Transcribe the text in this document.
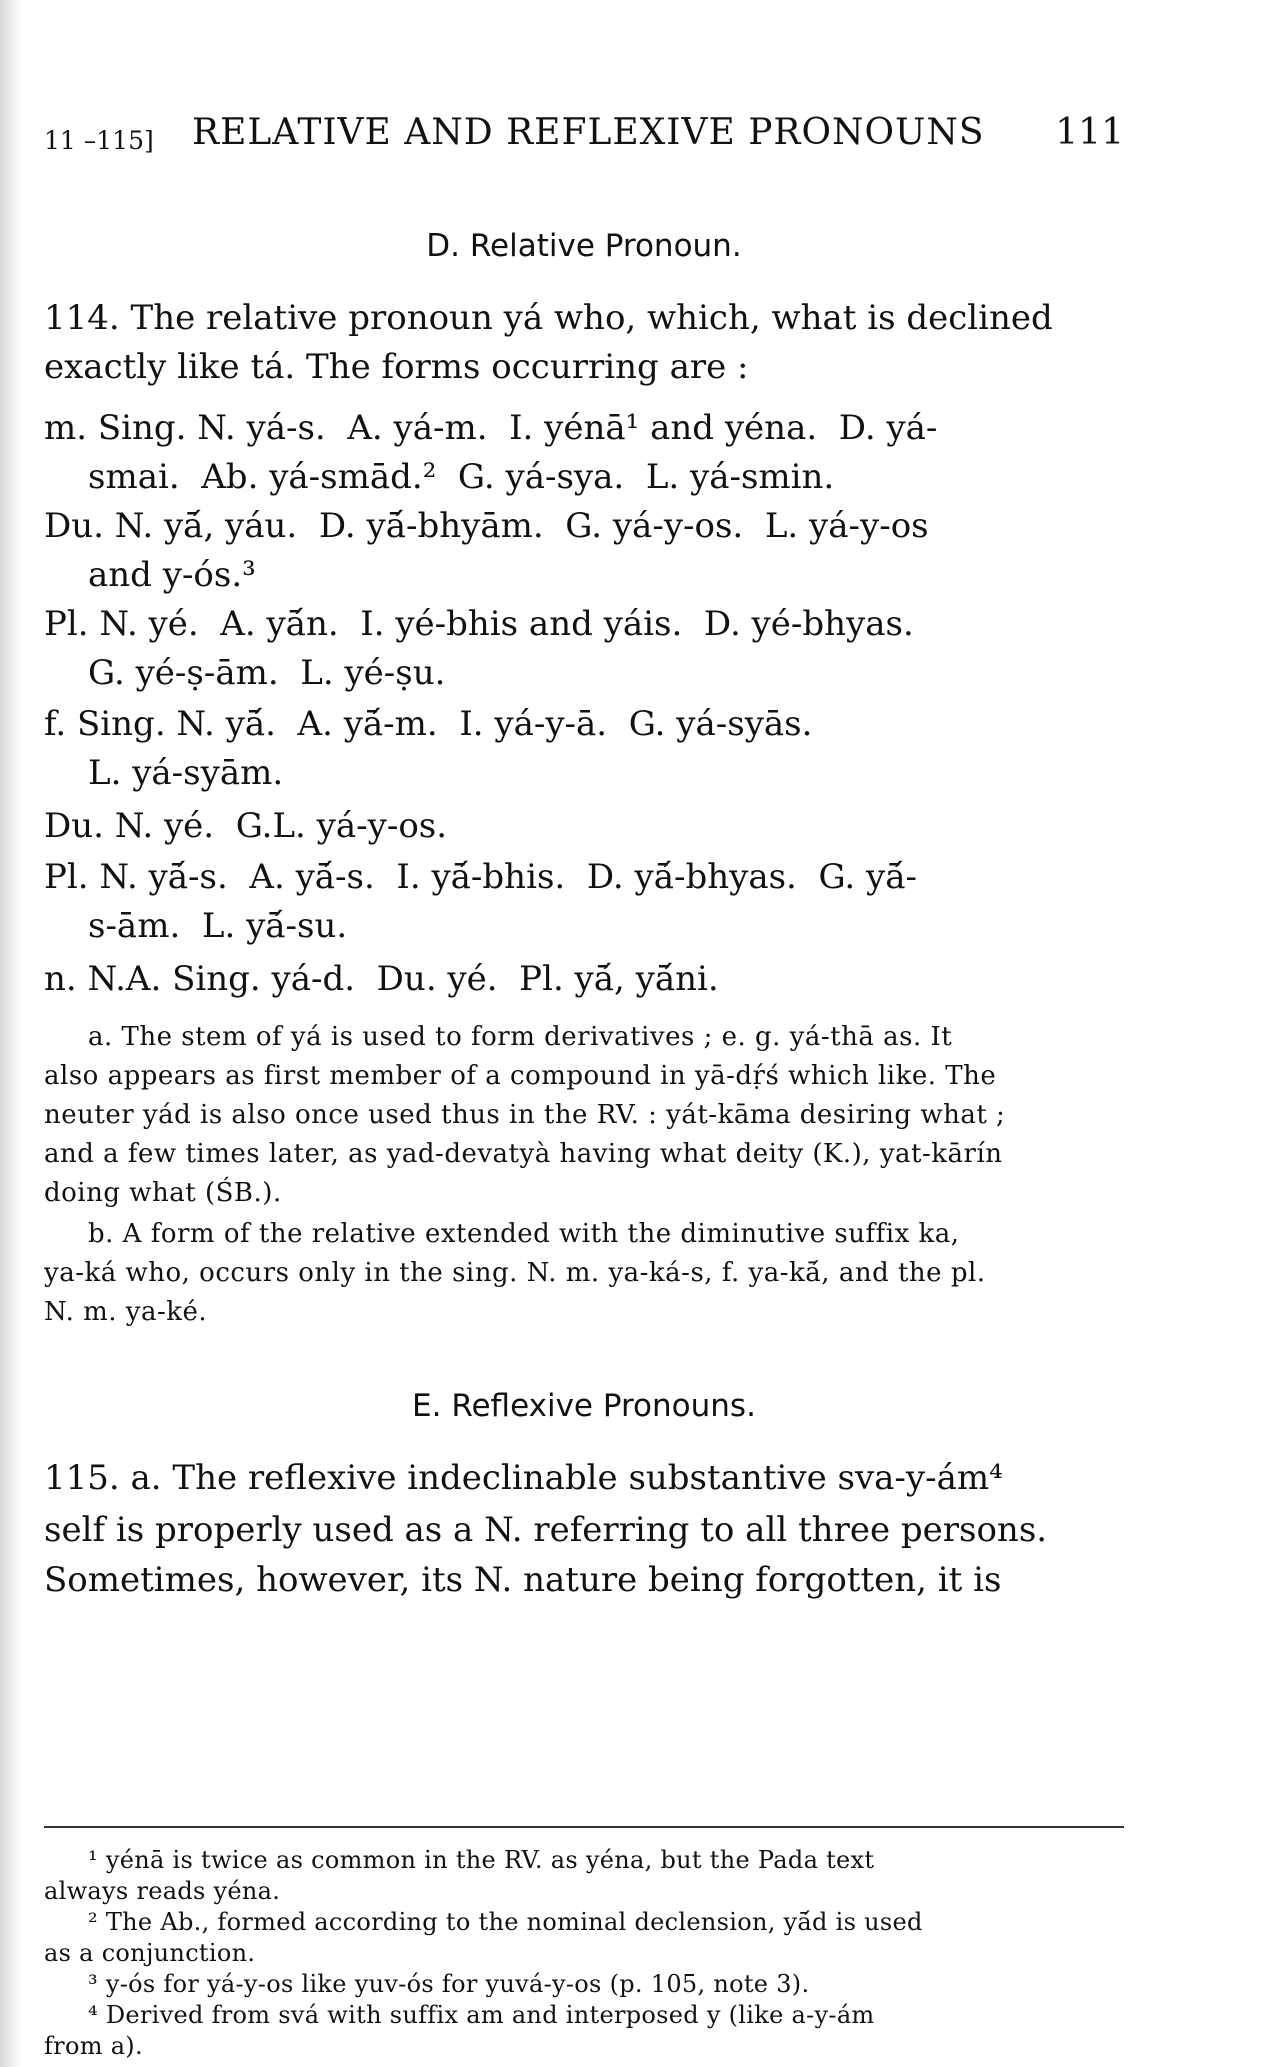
11 –115] RELATIVE AND REFLEXIVE PRONOUNS 111
D. Relative Pronoun.
114. The relative pronoun yá who, which, what is declined
exactly like tá. The forms occurring are :
m. Sing. N. yá-s.  A. yá-m.  I. yénā¹ and yéna.  D. yá-
smai.  Ab. yá-smād.²  G. yá-sya.  L. yá-smin.
Du. N. yā́, yáu.  D. yā́-bhyām.  G. yá-y-os.  L. yá-y-os
and y-ós.³
Pl. N. yé.  A. yā́n.  I. yé-bhis and yáis.  D. yé-bhyas.
G. yé-ṣ-ām.  L. yé-ṣu.
f. Sing. N. yā́.  A. yā́-m.  I. yá-y-ā.  G. yá-syās.
L. yá-syām.
Du. N. yé.  G.L. yá-y-os.
Pl. N. yā́-s.  A. yā́-s.  I. yā́-bhis.  D. yā́-bhyas.  G. yā́-
s-ām.  L. yā́-su.
n. N.A. Sing. yá-d.  Du. yé.  Pl. yā́, yā́ni.
a. The stem of yá is used to form derivatives ; e. g. yá-thā as. It
also appears as first member of a compound in yā-dṛ́ś which like. The
neuter yád is also once used thus in the RV. : yát-kāma desiring what ;
and a few times later, as yad-devatyà having what deity (K.), yat-kārín
doing what (ŚB.).
b. A form of the relative extended with the diminutive suffix ka,
ya-ká who, occurs only in the sing. N. m. ya-ká-s, f. ya-kā́, and the pl.
N. m. ya-ké.
E. Reflexive Pronouns.
115. a. The reflexive indeclinable substantive sva-y-ám⁴
self is properly used as a N. referring to all three persons.
Sometimes, however, its N. nature being forgotten, it is
¹ yénā is twice as common in the RV. as yéna, but the Pada text
always reads yéna.
² The Ab., formed according to the nominal declension, yā́d is used
as a conjunction.
³ y-ós for yá-y-os like yuv-ós for yuvá-y-os (p. 105, note 3).
⁴ Derived from svá with suffix am and interposed y (like a-y-ám
from a).
